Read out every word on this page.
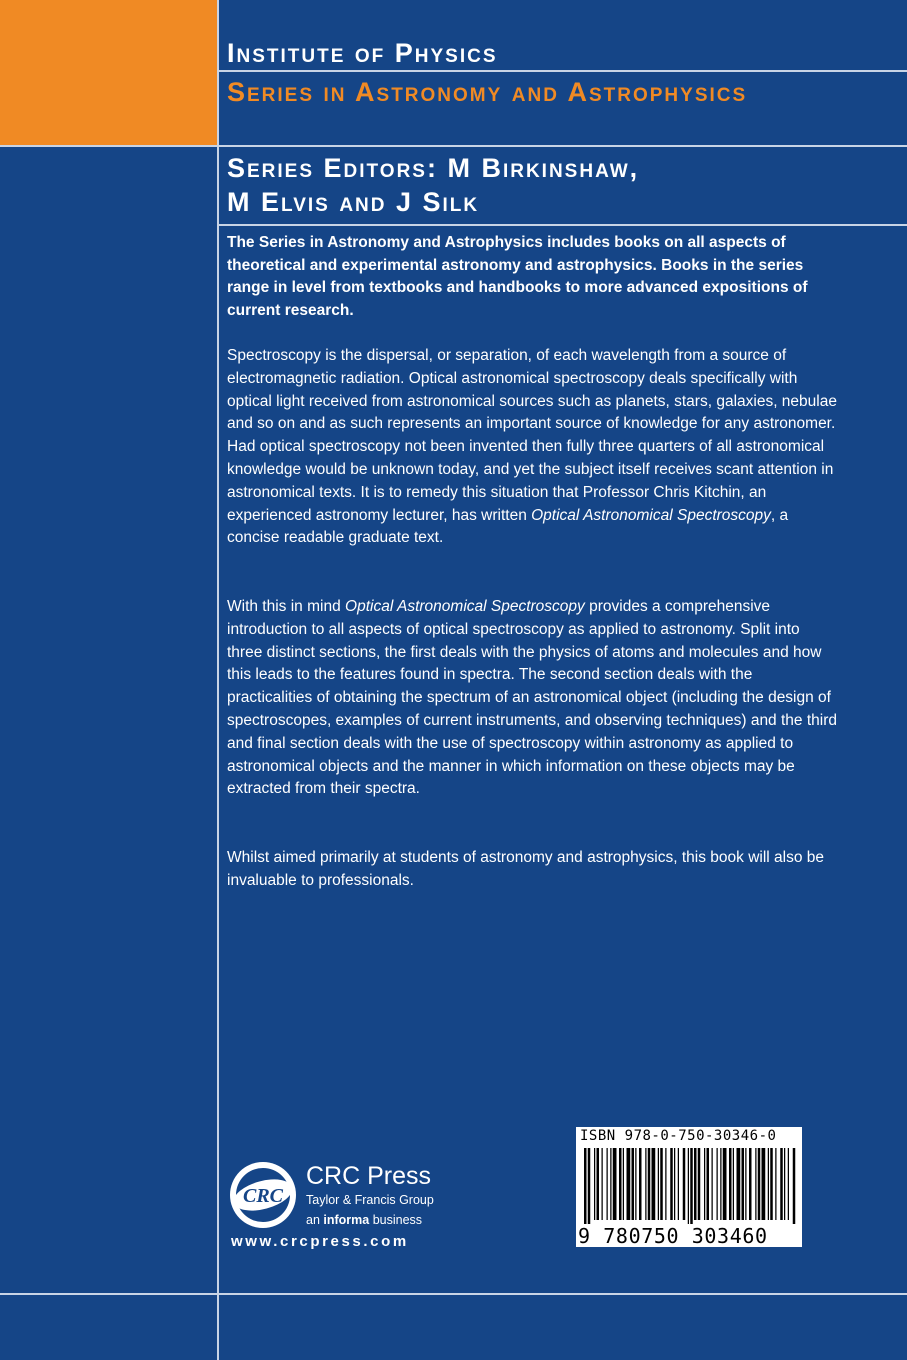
Institute of Physics
Series in Astronomy and Astrophysics
Series Editors: M Birkinshaw,
M Elvis and J Silk
The Series in Astronomy and Astrophysics includes books on all aspects of theoretical and experimental astronomy and astrophysics. Books in the series range in level from textbooks and handbooks to more advanced expositions of current research.

Spectroscopy is the dispersal, or separation, of each wavelength from a source of electromagnetic radiation. Optical astronomical spectroscopy deals specifically with optical light received from astronomical sources such as planets, stars, galaxies, nebulae and so on and as such represents an important source of knowledge for any astronomer. Had optical spectroscopy not been invented then fully three quarters of all astronomical knowledge would be unknown today, and yet the subject itself receives scant attention in astronomical texts. It is to remedy this situation that Professor Chris Kitchin, an experienced astronomy lecturer, has written Optical Astronomical Spectroscopy, a concise readable graduate text.

With this in mind Optical Astronomical Spectroscopy provides a comprehensive introduction to all aspects of optical spectroscopy as applied to astronomy. Split into three distinct sections, the first deals with the physics of atoms and molecules and how this leads to the features found in spectra. The second section deals with the practicalities of obtaining the spectrum of an astronomical object (including the design of spectroscopes, examples of current instruments, and observing techniques) and the third and final section deals with the use of spectroscopy within astronomy as applied to astronomical objects and the manner in which information on these objects may be extracted from their spectra.

Whilst aimed primarily at students of astronomy and astrophysics, this book will also be invaluable to professionals.

CRC
CRC Press
Taylor & Francis Group
an informa business
www.crcpress.com
ISBN 978-0-750-30346-0
9 780750 303460
